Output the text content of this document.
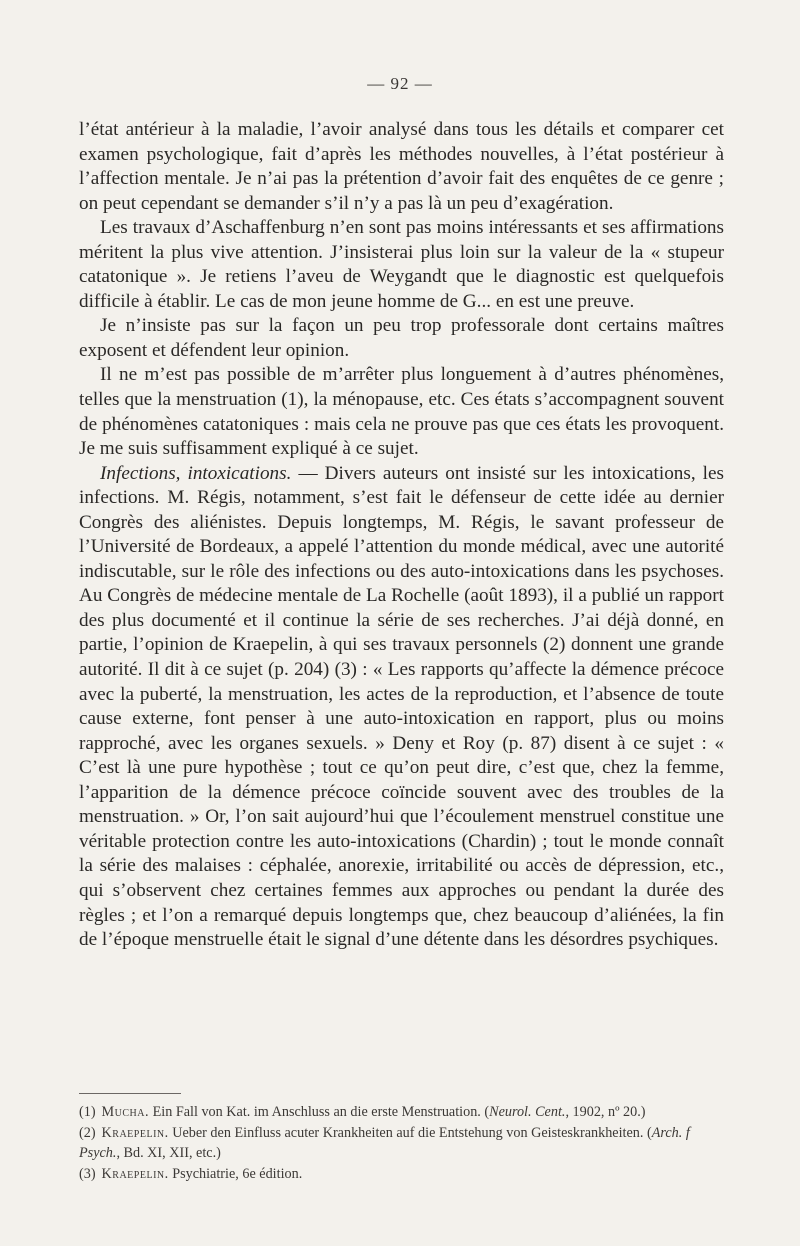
— 92 —

l’état antérieur à la maladie, l’avoir analysé dans tous les détails et comparer cet examen psychologique, fait d’après les méthodes nouvelles, à l’état postérieur à l’affection mentale. Je n’ai pas la prétention d’avoir fait des enquêtes de ce genre ; on peut cependant se demander s’il n’y a pas là un peu d’exagération.

Les travaux d’Aschaffenburg n’en sont pas moins intéressants et ses affirmations méritent la plus vive attention. J’insisterai plus loin sur la valeur de la « stupeur catatonique ». Je retiens l’aveu de Weygandt que le diagnostic est quelquefois difficile à établir. Le cas de mon jeune homme de G... en est une preuve.

Je n’insiste pas sur la façon un peu trop professorale dont certains maîtres exposent et défendent leur opinion.

Il ne m’est pas possible de m’arrêter plus longuement à d’autres phénomènes, telles que la menstruation (1), la ménopause, etc. Ces états s’accompagnent souvent de phénomènes catatoniques : mais cela ne prouve pas que ces états les provoquent. Je me suis suffisamment expliqué à ce sujet.

Infections, intoxications. — Divers auteurs ont insisté sur les intoxications, les infections. M. Régis, notamment, s’est fait le défenseur de cette idée au dernier Congrès des aliénistes. Depuis longtemps, M. Régis, le savant professeur de l’Université de Bordeaux, a appelé l’attention du monde médical, avec une autorité indiscutable, sur le rôle des infections ou des auto-intoxications dans les psychoses. Au Congrès de médecine mentale de La Rochelle (août 1893), il a publié un rapport des plus documenté et il continue la série de ses recherches. J’ai déjà donné, en partie, l’opinion de Kraepelin, à qui ses travaux personnels (2) donnent une grande autorité. Il dit à ce sujet (p. 204) (3) : « Les rapports qu’affecte la démence précoce avec la puberté, la menstruation, les actes de la reproduction, et l’absence de toute cause externe, font penser à une auto-intoxication en rapport, plus ou moins rapproché, avec les organes sexuels. » Deny et Roy (p. 87) disent à ce sujet : « C’est là une pure hypothèse ; tout ce qu’on peut dire, c’est que, chez la femme, l’apparition de la démence précoce coïncide souvent avec des troubles de la menstruation. » Or, l’on sait aujourd’hui que l’écoulement menstruel constitue une véritable protection contre les auto-intoxications (Chardin) ; tout le monde connaît la série des malaises : céphalée, anorexie, irritabilité ou accès de dépression, etc., qui s’observent chez certaines femmes aux approches ou pendant la durée des règles ; et l’on a remarqué depuis longtemps que, chez beaucoup d’aliénées, la fin de l’époque menstruelle était le signal d’une détente dans les désordres psychiques.

(1) Mucha. Ein Fall von Kat. im Anschluss an die erste Menstruation. (Neurol. Cent., 1902, nº 20.)

(2) Kraepelin. Ueber den Einfluss acuter Krankheiten auf die Entstehung von Geisteskrankheiten. (Arch. f Psych., Bd. XI, XII, etc.)

(3) Kraepelin. Psychiatrie, 6e édition.
